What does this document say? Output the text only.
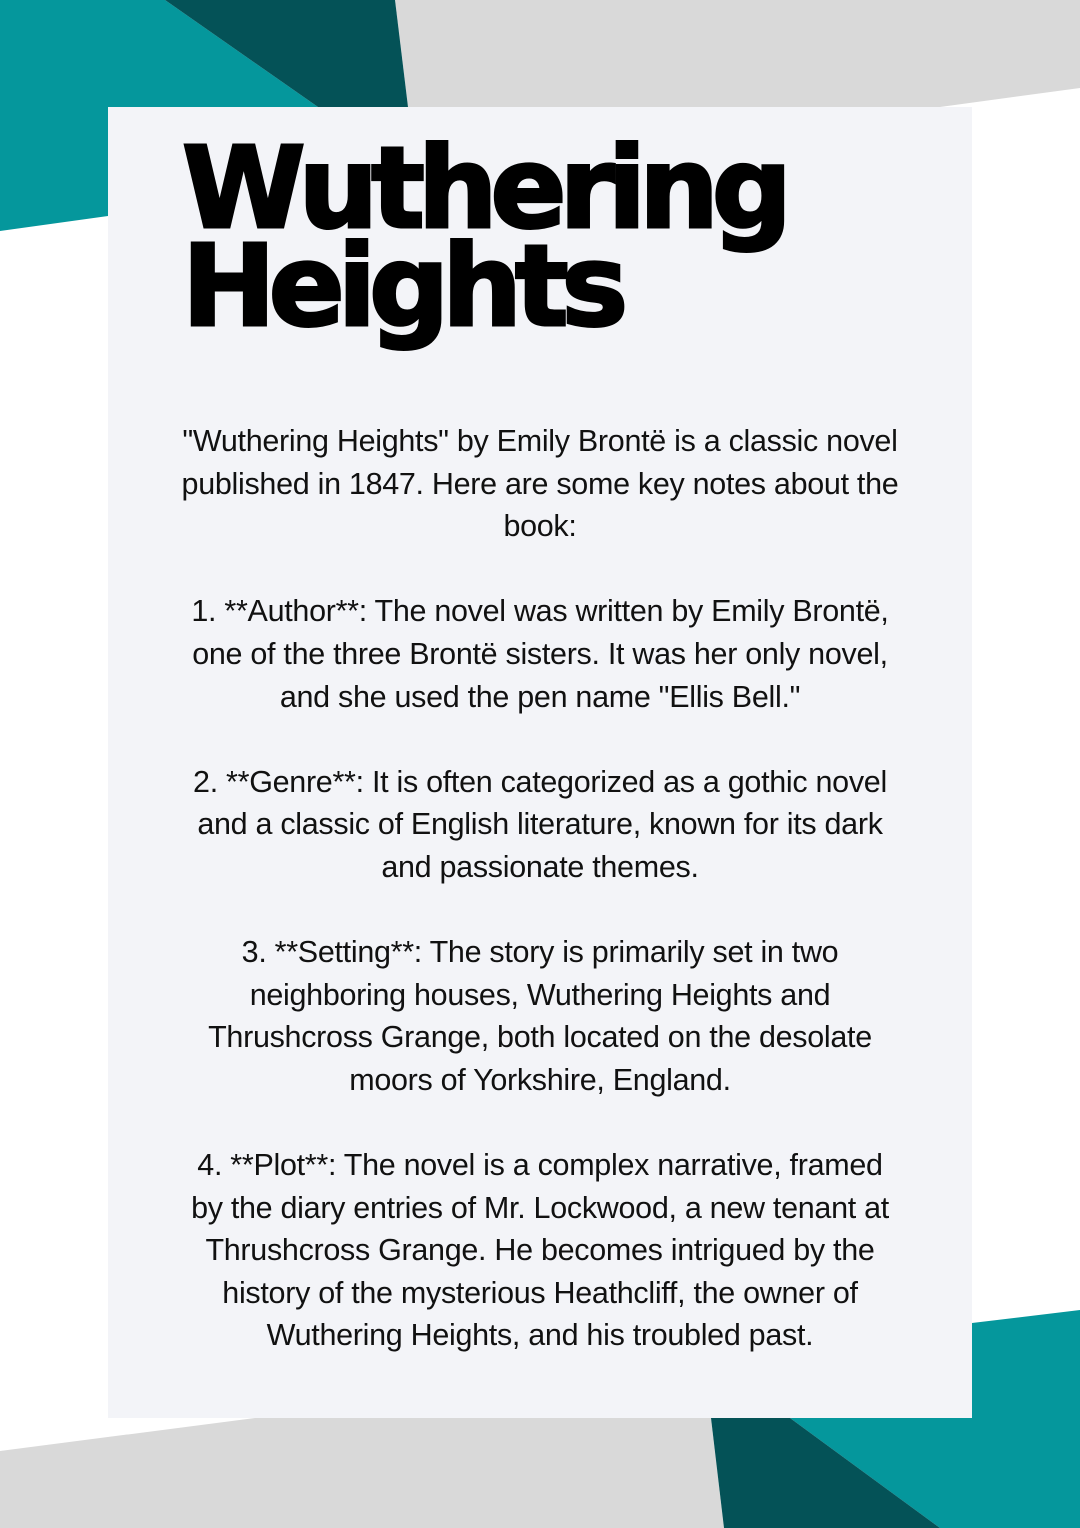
Wuthering
Heights

"Wuthering Heights" by Emily Brontë is a classic novel
published in 1847. Here are some key notes about the
book:

1. **Author**: The novel was written by Emily Brontë,
one of the three Brontë sisters. It was her only novel,
and she used the pen name "Ellis Bell."

2. **Genre**: It is often categorized as a gothic novel
and a classic of English literature, known for its dark
and passionate themes.

3. **Setting**: The story is primarily set in two
neighboring houses, Wuthering Heights and
Thrushcross Grange, both located on the desolate
moors of Yorkshire, England.

4. **Plot**: The novel is a complex narrative, framed
by the diary entries of Mr. Lockwood, a new tenant at
Thrushcross Grange. He becomes intrigued by the
history of the mysterious Heathcliff, the owner of
Wuthering Heights, and his troubled past.
